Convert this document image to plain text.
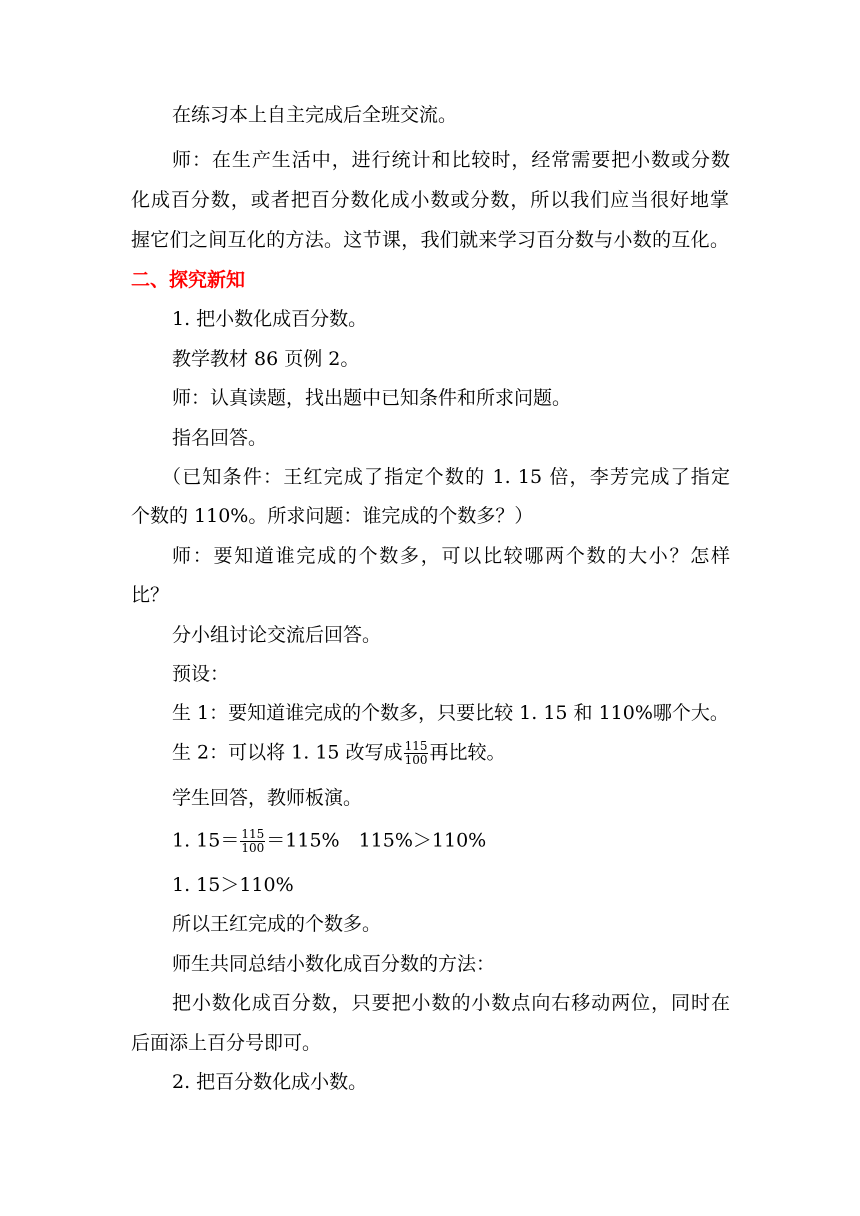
在练习本上自主完成后全班交流。
师：在生产生活中，进行统计和比较时，经常需要把小数或分数
化成百分数，或者把百分数化成小数或分数，所以我们应当很好地掌
握它们之间互化的方法。这节课，我们就来学习百分数与小数的互化。
二、探究新知
1. 把小数化成百分数。
教学教材 86 页例 2。
师：认真读题，找出题中已知条件和所求问题。
指名回答。
（已知条件：王红完成了指定个数的 1. 15 倍，李芳完成了指定
个数的 110%。所求问题：谁完成的个数多？）
师：要知道谁完成的个数多，可以比较哪两个数的大小？怎样
比？
分小组讨论交流后回答。
预设：
生 1：要知道谁完成的个数多，只要比较 1. 15 和 110%哪个大。
生 2：可以将 1. 15 改写成 $\frac{115}{100}$ 再比较。
学生回答，教师板演。
1. $15= \frac{115}{100} =115\%$　115%＞110%
1. 15＞110%
所以王红完成的个数多。
师生共同总结小数化成百分数的方法：
把小数化成百分数，只要把小数的小数点向右移动两位，同时在
后面添上百分号即可。
2. 把百分数化成小数。
